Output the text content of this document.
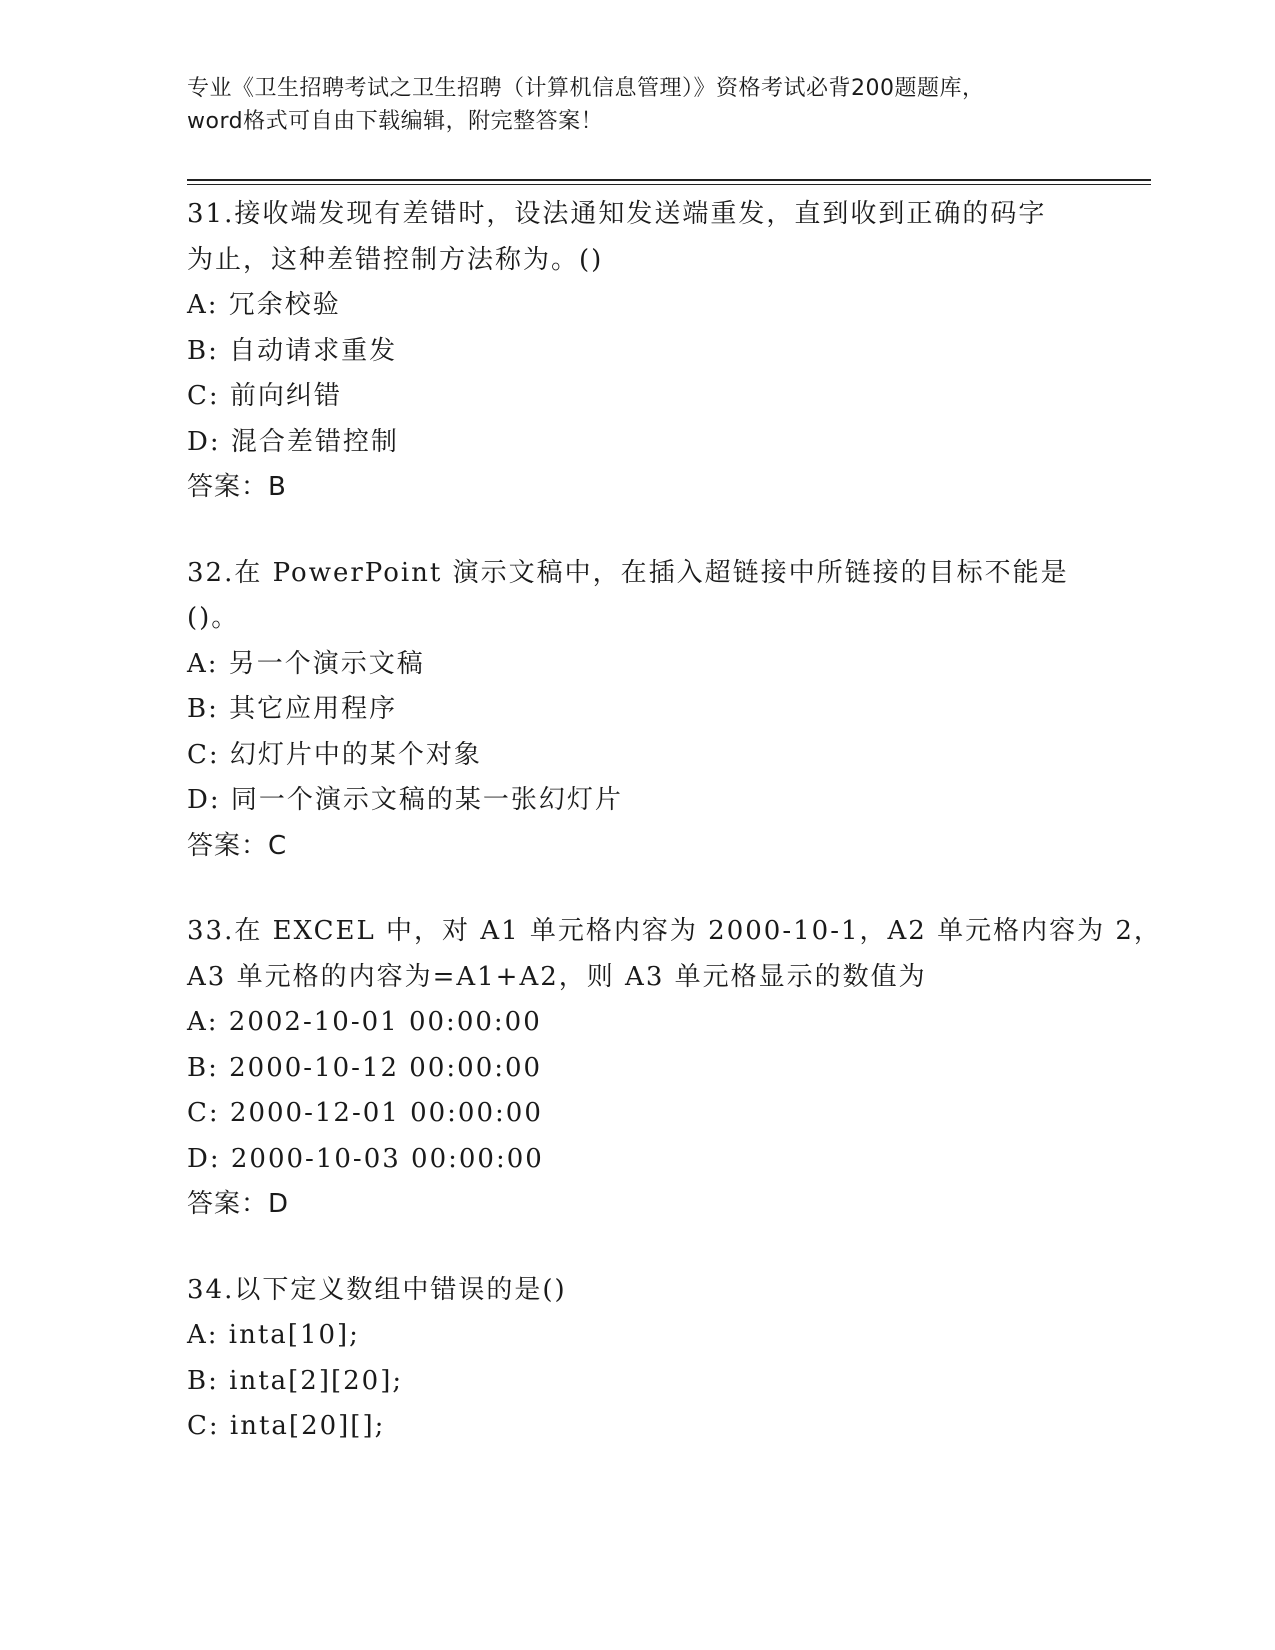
专业《卫生招聘考试之卫生招聘（计算机信息管理）》资格考试必背200题题库，
word格式可自由下载编辑，附完整答案！
31.接收端发现有差错时，设法通知发送端重发，直到收到正确的码字
为止，这种差错控制方法称为。()
A: 冗余校验
B: 自动请求重发
C: 前向纠错
D: 混合差错控制
答案：B
32.在 PowerPoint 演示文稿中，在插入超链接中所链接的目标不能是
()。
A: 另一个演示文稿
B: 其它应用程序
C: 幻灯片中的某个对象
D: 同一个演示文稿的某一张幻灯片
答案：C
33.在 EXCEL 中，对 A1 单元格内容为 2000-10-1，A2 单元格内容为 2，
A3 单元格的内容为=A1+A2，则 A3 单元格显示的数值为
A: 2002-10-01 00:00:00
B: 2000-10-12 00:00:00
C: 2000-12-01 00:00:00
D: 2000-10-03 00:00:00
答案：D
34.以下定义数组中错误的是()
A: inta[10];
B: inta[2][20];
C: inta[20][];
